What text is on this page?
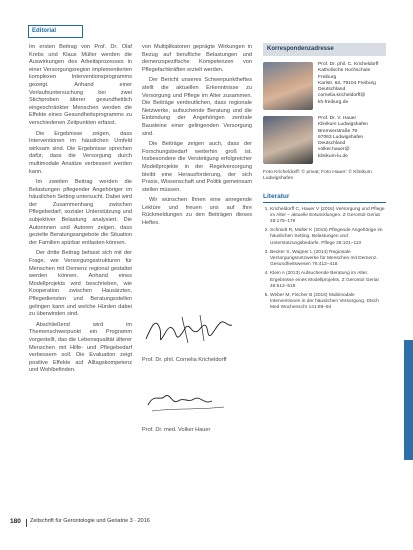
Editorial

Im ersten Beitrag von Prof. Dr. Olaf Krebs und Klaus Müller werden die Auswirkungen des Arbeitsprozesses in einer Versorgungsregion implementierten komplexen Interventionsprogramms gezeigt. Anhand einer Verlaufsuntersuchung bei zwei Stichproben älterer gesundheitlich eingeschränkter Menschen werden die Effekte eines Gesundheitsprogramms zu verschiedenen Zeitpunkten erfasst.

Die Ergebnisse zeigen, dass Interventionen im häuslichen Umfeld wirksam sind. Die Ergebnisse sprechen dafür, dass die Versorgung durch multimodale Ansätze verbessert werden kann.

Im zweiten Beitrag werden die Belastungen pflegender Angehöriger im häuslichen Setting untersucht. Dabei wird der Zusammenhang zwischen Pflegebedarf, sozialer Unterstützung und subjektiver Belastung analysiert. Die Autorinnen und Autoren zeigen, dass gezielte Beratungsangebote die Situation der Familien spürbar entlasten können.

Der dritte Beitrag befasst sich mit der Frage, wie Versorgungsstrukturen für Menschen mit Demenz regional gestaltet werden können. Anhand eines Modellprojekts wird beschrieben, wie Kooperation zwischen Hausärzten, Pflegediensten und Beratungsstellen gelingen kann und welche Hürden dabei zu überwinden sind.

Abschließend wird im Themenschwerpunkt ein Programm vorgestellt, das die Lebensqualität älterer Menschen mit Hilfe- und Pflegebedarf verbessern soll. Die Evaluation zeigt positive Effekte auf Alltagskompetenz und Wohlbefinden.

von Multiplikatoren geprägte Wirkungen in Bezug auf berufliche Belastungen und demenzspezifische Kompetenzen von Pflegefachkräften erzielt werden.

Der Bericht unseres Schwerpunktheftes stellt die aktuellen Erkenntnisse zu Versorgung und Pflege im Alter zusammen. Die Beiträge verdeutlichen, dass regionale Netzwerke, aufsuchende Beratung und die Einbindung der Angehörigen zentrale Bausteine einer gelingenden Versorgung sind.

Die Beiträge zeigen auch, dass der Forschungsbedarf weiterhin groß ist. Insbesondere die Verstetigung erfolgreicher Modellprojekte in der Regelversorgung bleibt eine Herausforderung, der sich Praxis, Wissenschaft und Politik gemeinsam stellen müssen.

Wir wünschen Ihnen eine anregende Lektüre und freuen uns auf Ihre Rückmeldungen zu den Beiträgen dieses Heftes.

Prof. Dr. phil. Cornelia Kricheldorff
Prof. Dr. med. Volker Hauer
Korrespondenzadresse
Prof. Dr. phil. C. Kricheldorff
Katholische Hochschule
Freiburg
Karlstr. 63, 79104 Freiburg
Deutschland
cornelia.kricheldorff@
kh-freiburg.de
Prof. Dr. V. Hauer
Klinikum Ludwigshafen
Bremserstraße 79
67063 Ludwigshafen
Deutschland
volker.hauer@
klinikum-lu.de
Foto Kricheldorff: © privat; Foto Hauer: © Klinikum Ludwigshafen
Literatur
1. Kricheldorff C, Hauer V (2016) Versorgung und Pflege im Alter – aktuelle Entwicklungen. Z Gerontol Geriat 49:175–176
2. Schmidt R, Müller K (2015) Pflegende Angehörige im häuslichen Setting. Belastungen und Unterstützungsbedarfe. Pflege 28:101–110
3. Becker S, Wagner L (2014) Regionale Versorgungsnetzwerke für Menschen mit Demenz. Gesundheitswesen 76:412–418
4. Klein A (2013) Aufsuchende Beratung im Alter. Ergebnisse eines Modellprojekts. Z Gerontol Geriat 46:512–519
5. Weber M, Fischer B (2016) Multimodale Interventionen in der häuslichen Versorgung. Dtsch Med Wochenschr 141:88–94
180 Zeitschrift für Gerontologie und Geriatrie 3 · 2016
